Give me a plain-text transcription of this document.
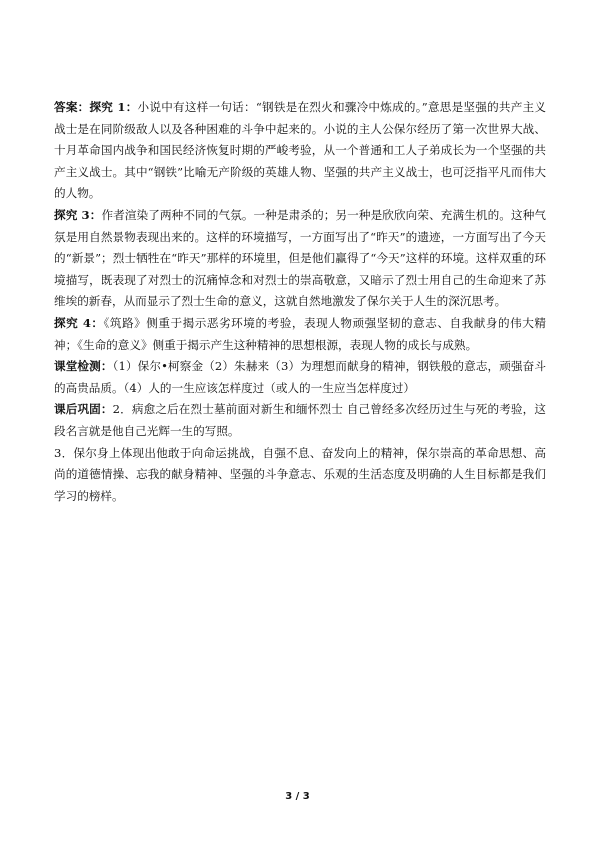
答案：探究 1：小说中有这样一句话：“钢铁是在烈火和骤冷中炼成的。”意思是坚强的共产主义战士是在同阶级敌人以及各种困难的斗争中起来的。小说的主人公保尔经历了第一次世界大战、十月革命国内战争和国民经济恢复时期的严峻考验，从一个普通和工人子弟成长为一个坚强的共产主义战士。其中“钢铁”比喻无产阶级的英雄人物、坚强的共产主义战士，也可泛指平凡而伟大的人物。

探究 3：作者渲染了两种不同的气氛。一种是肃杀的；另一种是欣欣向荣、充满生机的。这种气氛是用自然景物表现出来的。这样的环境描写，一方面写出了“昨天”的遗迹，一方面写出了今天的“新景”；烈士牺牲在“昨天”那样的环境里，但是他们赢得了“今天”这样的环境。这样双重的环境描写，既表现了对烈士的沉痛悼念和对烈士的崇高敬意，又暗示了烈士用自己的生命迎来了苏维埃的新春，从而显示了烈士生命的意义，这就自然地激发了保尔关于人生的深沉思考。

探究 4：《筑路》侧重于揭示恶劣环境的考验，表现人物顽强坚韧的意志、自我献身的伟大精神；《生命的意义》侧重于揭示产生这种精神的思想根源，表现人物的成长与成熟。

课堂检测：（1）保尔•柯察金（2）朱赫来（3）为理想而献身的精神，钢铁般的意志，顽强奋斗的高贵品质。（4）人的一生应该怎样度过（或人的一生应当怎样度过）

课后巩固：2．病愈之后在烈士墓前面对新生和缅怀烈士 自己曾经多次经历过生与死的考验，这段名言就是他自己光辉一生的写照。

3．保尔身上体现出他敢于向命运挑战，自强不息、奋发向上的精神，保尔崇高的革命思想、高尚的道德情操、忘我的献身精神、坚强的斗争意志、乐观的生活态度及明确的人生目标都是我们学习的榜样。

3 / 3
